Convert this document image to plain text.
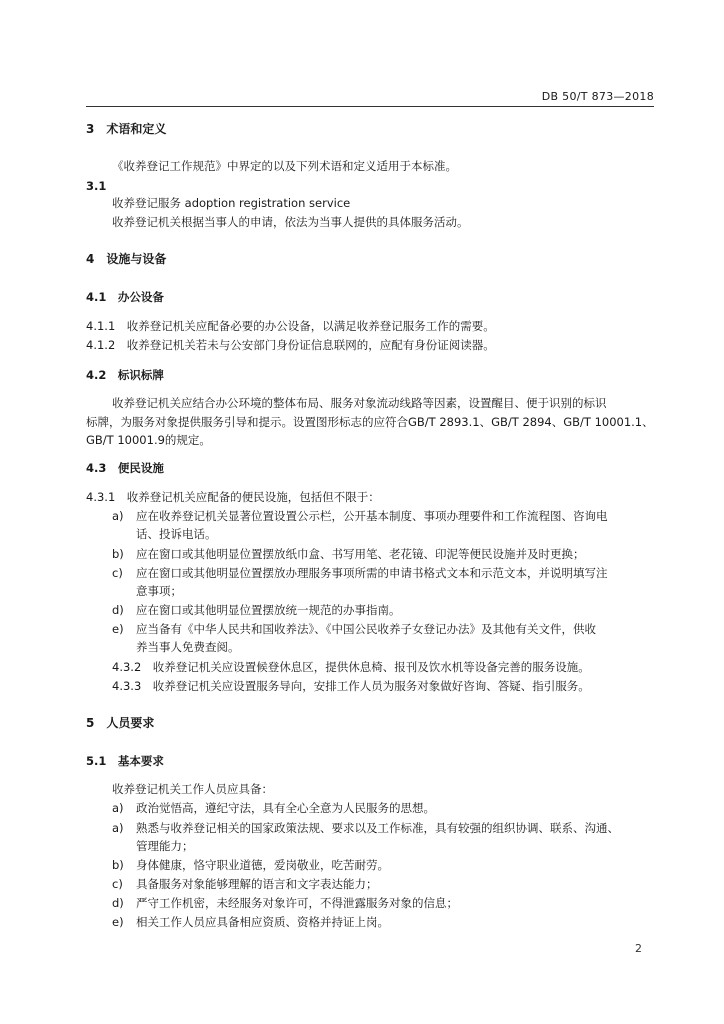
DB 50/T 873—2018
3　术语和定义
《收养登记工作规范》中界定的以及下列术语和定义适用于本标准。
3.1
收养登记服务 adoption registration service
收养登记机关根据当事人的申请，依法为当事人提供的具体服务活动。
4　设施与设备
4.1　办公设备
4.1.1　收养登记机关应配备必要的办公设备，以满足收养登记服务工作的需要。
4.1.2　收养登记机关若未与公安部门身份证信息联网的，应配有身份证阅读器。
4.2　标识标牌
收养登记机关应结合办公环境的整体布局、服务对象流动线路等因素，设置醒目、便于识别的标识
标牌，为服务对象提供服务引导和提示。设置图形标志的应符合GB/T 2893.1、GB/T 2894、GB/T 10001.1、
GB/T 10001.9的规定。
4.3　便民设施
4.3.1　收养登记机关应配备的便民设施，包括但不限于：
a) 应在收养登记机关显著位置设置公示栏，公开基本制度、事项办理要件和工作流程图、咨询电
话、投诉电话。
b) 应在窗口或其他明显位置摆放纸巾盒、书写用笔、老花镜、印泥等便民设施并及时更换；
c) 应在窗口或其他明显位置摆放办理服务事项所需的申请书格式文本和示范文本，并说明填写注
意事项；
d) 应在窗口或其他明显位置摆放统一规范的办事指南。
e) 应当备有《中华人民共和国收养法》、《中国公民收养子女登记办法》及其他有关文件，供收
养当事人免费查阅。
4.3.2　收养登记机关应设置候登休息区，提供休息椅、报刊及饮水机等设备完善的服务设施。
4.3.3　收养登记机关应设置服务导向，安排工作人员为服务对象做好咨询、答疑、指引服务。
5　人员要求
5.1　基本要求
收养登记机关工作人员应具备：
a) 政治觉悟高，遵纪守法，具有全心全意为人民服务的思想。
a) 熟悉与收养登记相关的国家政策法规、要求以及工作标准，具有较强的组织协调、联系、沟通、
管理能力；
b) 身体健康，恪守职业道德，爱岗敬业，吃苦耐劳。
c) 具备服务对象能够理解的语言和文字表达能力；
d) 严守工作机密，未经服务对象许可，不得泄露服务对象的信息；
e) 相关工作人员应具备相应资质、资格并持证上岗。
2
